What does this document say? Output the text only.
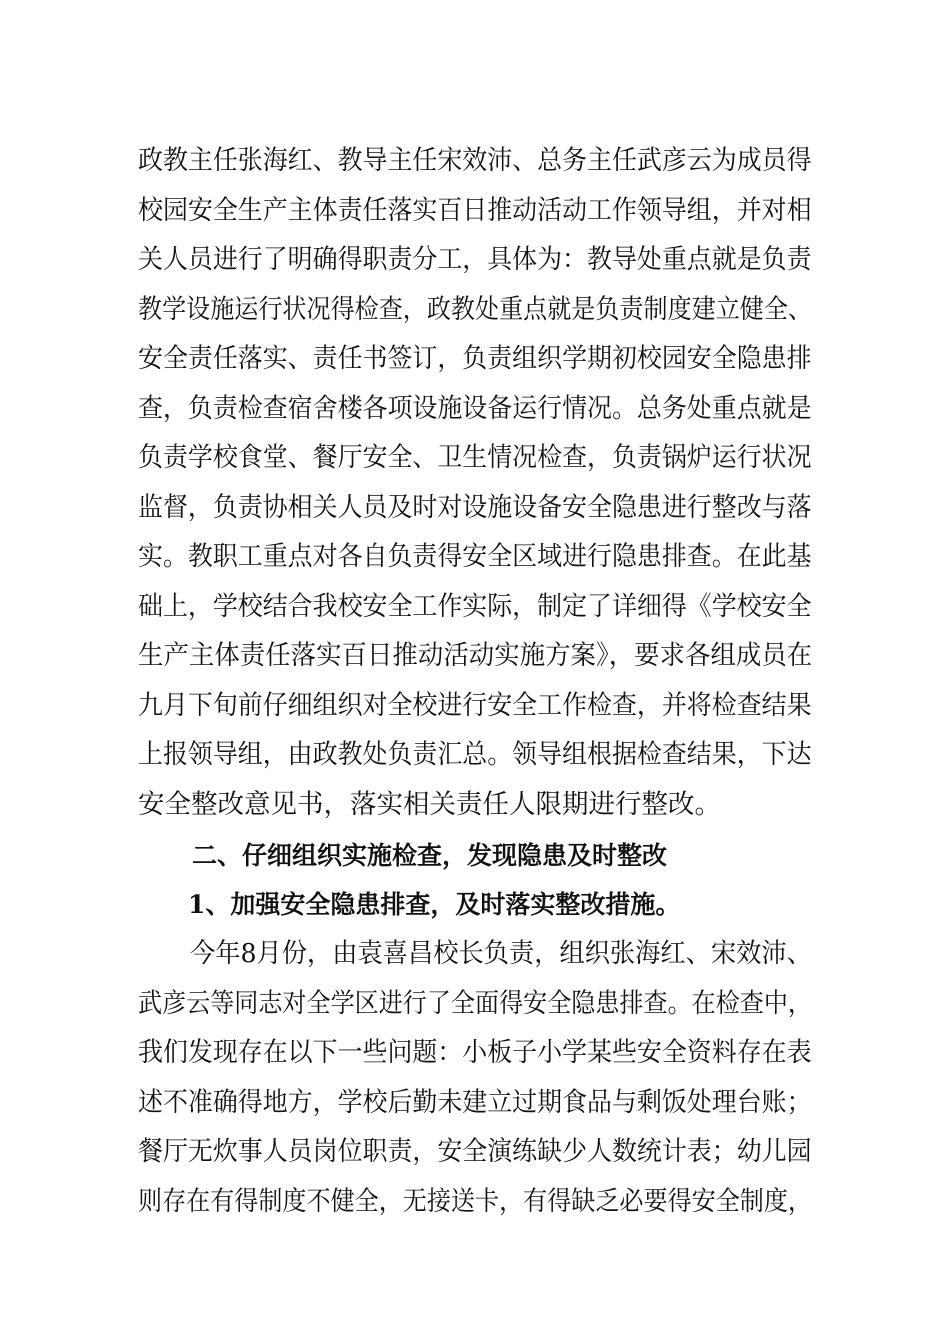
政教主任张海红、教导主任宋效沛、总务主任武彦云为成员得
校园安全生产主体责任落实百日推动活动工作领导组，并对相
关人员进行了明确得职责分工，具体为：教导处重点就是负责
教学设施运行状况得检查，政教处重点就是负责制度建立健全、
安全责任落实、责任书签订，负责组织学期初校园安全隐患排
查，负责检查宿舍楼各项设施设备运行情况。总务处重点就是
负责学校食堂、餐厅安全、卫生情况检查，负责锅炉运行状况
监督，负责协相关人员及时对设施设备安全隐患进行整改与落
实。教职工重点对各自负责得安全区域进行隐患排查。在此基
础上，学校结合我校安全工作实际，制定了详细得《学校安全
生产主体责任落实百日推动活动实施方案》，要求各组成员在
九月下旬前仔细组织对全校进行安全工作检查，并将检查结果
上报领导组，由政教处负责汇总。领导组根据检查结果，下达
安全整改意见书，落实相关责任人限期进行整改。
二、仔细组织实施检查，发现隐患及时整改
1、加强安全隐患排查，及时落实整改措施。
今年8月份，由袁喜昌校长负责，组织张海红、宋效沛、
武彦云等同志对全学区进行了全面得安全隐患排查。在检查中，
我们发现存在以下一些问题：小板子小学某些安全资料存在表
述不准确得地方，学校后勤未建立过期食品与剩饭处理台账；
餐厅无炊事人员岗位职责，安全演练缺少人数统计表；幼儿园
则存在有得制度不健全，无接送卡，有得缺乏必要得安全制度，
